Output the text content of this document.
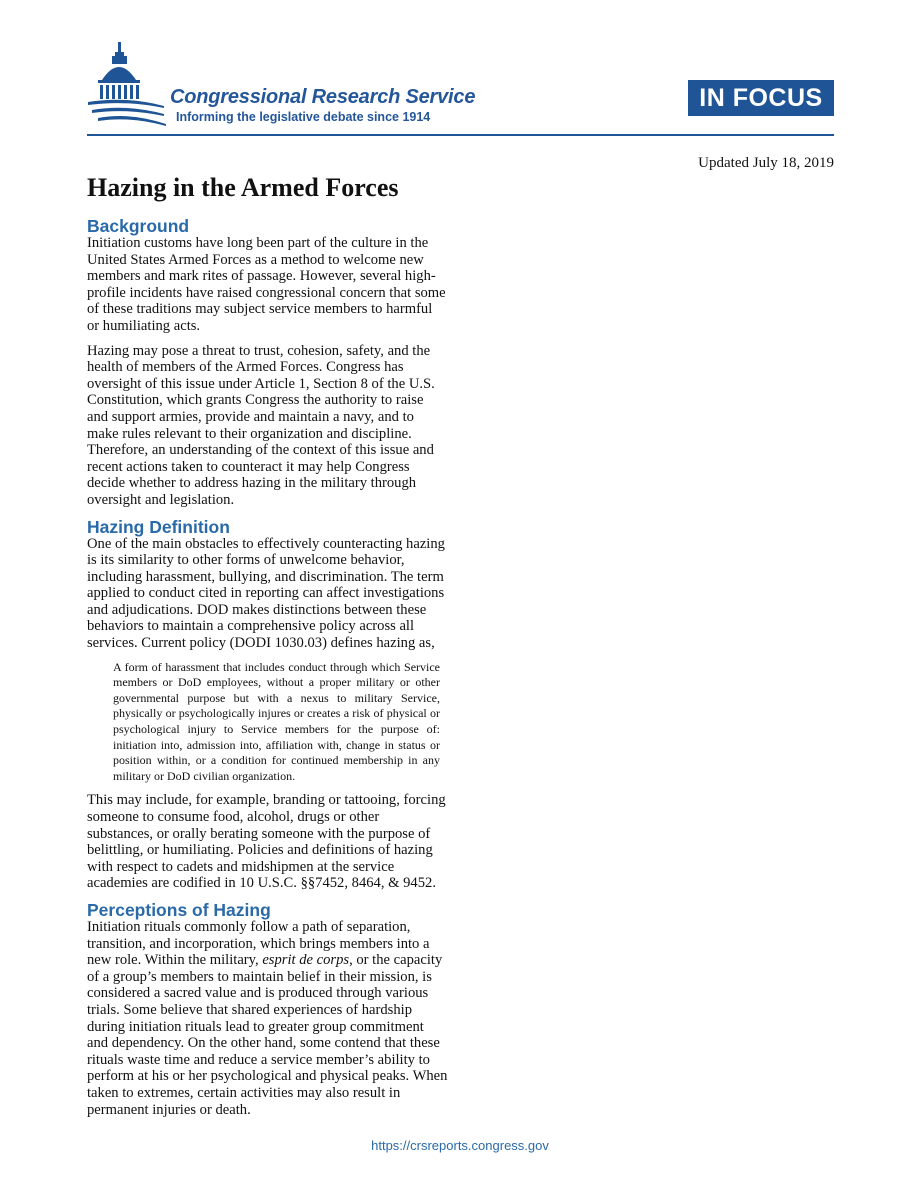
Congressional Research Service
Informing the legislative debate since 1914
IN FOCUS
Updated July 18, 2019
Hazing in the Armed Forces
Background

Initiation customs have long been part of the culture in the United States Armed Forces as a method to welcome new members and mark rites of passage. However, several high-profile incidents have raised congressional concern that some of these traditions may subject service members to harmful or humiliating acts.

Hazing may pose a threat to trust, cohesion, safety, and the health of members of the Armed Forces. Congress has oversight of this issue under Article 1, Section 8 of the U.S. Constitution, which grants Congress the authority to raise and support armies, provide and maintain a navy, and to make rules relevant to their organization and discipline. Therefore, an understanding of the context of this issue and recent actions taken to counteract it may help Congress decide whether to address hazing in the military through oversight and legislation.

Hazing Definition

One of the main obstacles to effectively counteracting hazing is its similarity to other forms of unwelcome behavior, including harassment, bullying, and discrimination. The term applied to conduct cited in reporting can affect investigations and adjudications. DOD makes distinctions between these behaviors to maintain a comprehensive policy across all services. Current policy (DODI 1030.03) defines hazing as,

A form of harassment that includes conduct through which Service members or DoD employees, without a proper military or other governmental purpose but with a nexus to military Service, physically or psychologically injures or creates a risk of physical or psychological injury to Service members for the purpose of: initiation into, admission into, affiliation with, change in status or position within, or a condition for continued membership in any military or DoD civilian organization.

This may include, for example, branding or tattooing, forcing someone to consume food, alcohol, drugs or other substances, or orally berating someone with the purpose of belittling, or humiliating. Policies and definitions of hazing with respect to cadets and midshipmen at the service academies are codified in 10 U.S.C. §§7452, 8464, & 9452.

Perceptions of Hazing

Initiation rituals commonly follow a path of separation, transition, and incorporation, which brings members into a new role. Within the military, esprit de corps, or the capacity of a group’s members to maintain belief in their mission, is considered a sacred value and is produced through various trials. Some believe that shared experiences of hardship during initiation rituals lead to greater group commitment and dependency. On the other hand, some contend that these rituals waste time and reduce a service member’s ability to perform at his or her psychological and physical peaks. When taken to extremes, certain activities may also result in permanent injuries or death.

https://crsreports.congress.gov
